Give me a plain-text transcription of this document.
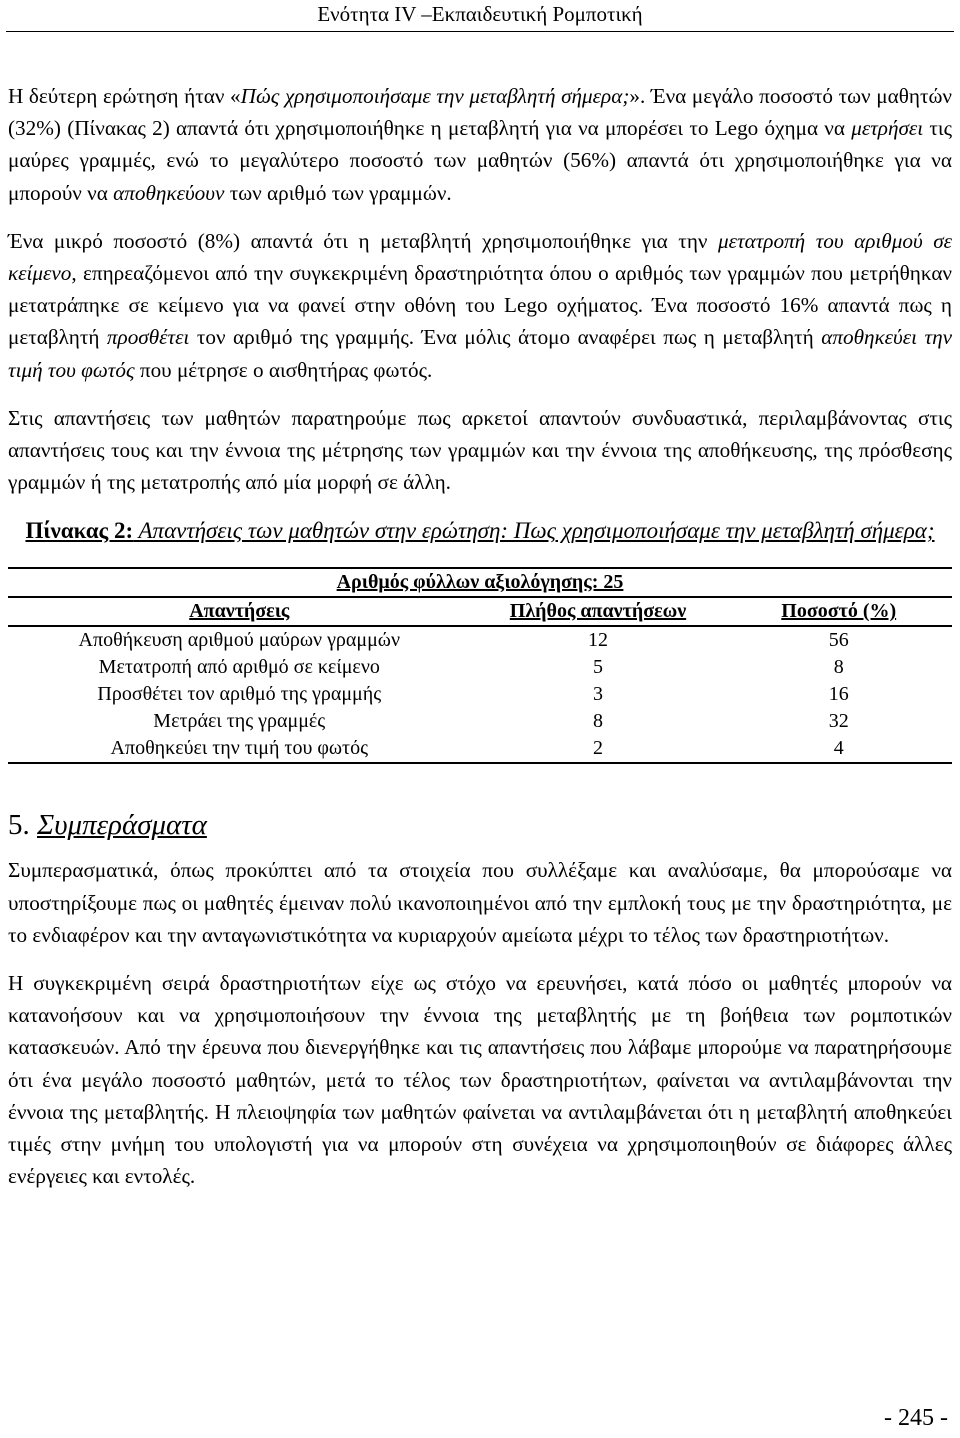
Ενότητα IV –Εκπαιδευτική Ρομποτική

Η δεύτερη ερώτηση ήταν «Πώς χρησιμοποιήσαμε την μεταβλητή σήμερα;». Ένα μεγάλο ποσοστό των μαθητών (32%) (Πίνακας 2) απαντά ότι χρησιμοποιήθηκε η μεταβλητή για να μπορέσει το Lego όχημα να μετρήσει τις μαύρες γραμμές, ενώ το μεγαλύτερο ποσοστό των μαθητών (56%) απαντά ότι χρησιμοποιήθηκε για να μπορούν να αποθηκεύουν των αριθμό των γραμμών.

Ένα μικρό ποσοστό (8%) απαντά ότι η μεταβλητή χρησιμοποιήθηκε για την μετατροπή του αριθμού σε κείμενο, επηρεαζόμενοι από την συγκεκριμένη δραστηριότητα όπου ο αριθμός των γραμμών που μετρήθηκαν μετατράπηκε σε κείμενο για να φανεί στην οθόνη του Lego οχήματος. Ένα ποσοστό 16% απαντά πως η μεταβλητή προσθέτει τον αριθμό της γραμμής. Ένα μόλις άτομο αναφέρει πως η μεταβλητή αποθηκεύει την τιμή του φωτός που μέτρησε ο αισθητήρας φωτός.

Στις απαντήσεις των μαθητών παρατηρούμε πως αρκετοί απαντούν συνδυαστικά, περιλαμβάνοντας στις απαντήσεις τους και την έννοια της μέτρησης των γραμμών και την έννοια της αποθήκευσης, της πρόσθεσης γραμμών ή της μετατροπής από μία μορφή σε άλλη.

Πίνακας 2: Απαντήσεις των μαθητών στην ερώτηση: Πως χρησιμοποιήσαμε την μεταβλητή σήμερα;
Αριθμός φύλλων αξιολόγησης: 25		
Απαντήσεις	Πλήθος απαντήσεων	Ποσοστό (%)
Αποθήκευση αριθμού μαύρων γραμμών	12	56
Μετατροπή από αριθμό σε κείμενο	5	8
Προσθέτει τον αριθμό της γραμμής	3	16
Μετράει της γραμμές	8	32
Αποθηκεύει την τιμή του φωτός	2	4
5. Συμπεράσματα

Συμπερασματικά, όπως προκύπτει από τα στοιχεία που συλλέξαμε και αναλύσαμε, θα μπορούσαμε να υποστηρίξουμε πως οι μαθητές έμειναν πολύ ικανοποιημένοι από την εμπλοκή τους με την δραστηριότητα, με το ενδιαφέρον και την ανταγωνιστικότητα να κυριαρχούν αμείωτα μέχρι το τέλος των δραστηριοτήτων.

Η συγκεκριμένη σειρά δραστηριοτήτων είχε ως στόχο να ερευνήσει, κατά πόσο οι μαθητές μπορούν να κατανοήσουν και να χρησιμοποιήσουν την έννοια της μεταβλητής με τη βοήθεια των ρομποτικών κατασκευών. Από την έρευνα που διενεργήθηκε και τις απαντήσεις που λάβαμε μπορούμε να παρατηρήσουμε ότι ένα μεγάλο ποσοστό μαθητών, μετά το τέλος των δραστηριοτήτων, φαίνεται να αντιλαμβάνονται την έννοια της μεταβλητής. Η πλειοψηφία των μαθητών φαίνεται να αντιλαμβάνεται ότι η μεταβλητή αποθηκεύει τιμές στην μνήμη του υπολογιστή για να μπορούν στη συνέχεια να χρησιμοποιηθούν σε διάφορες άλλες ενέργειες και εντολές.

- 245 -
